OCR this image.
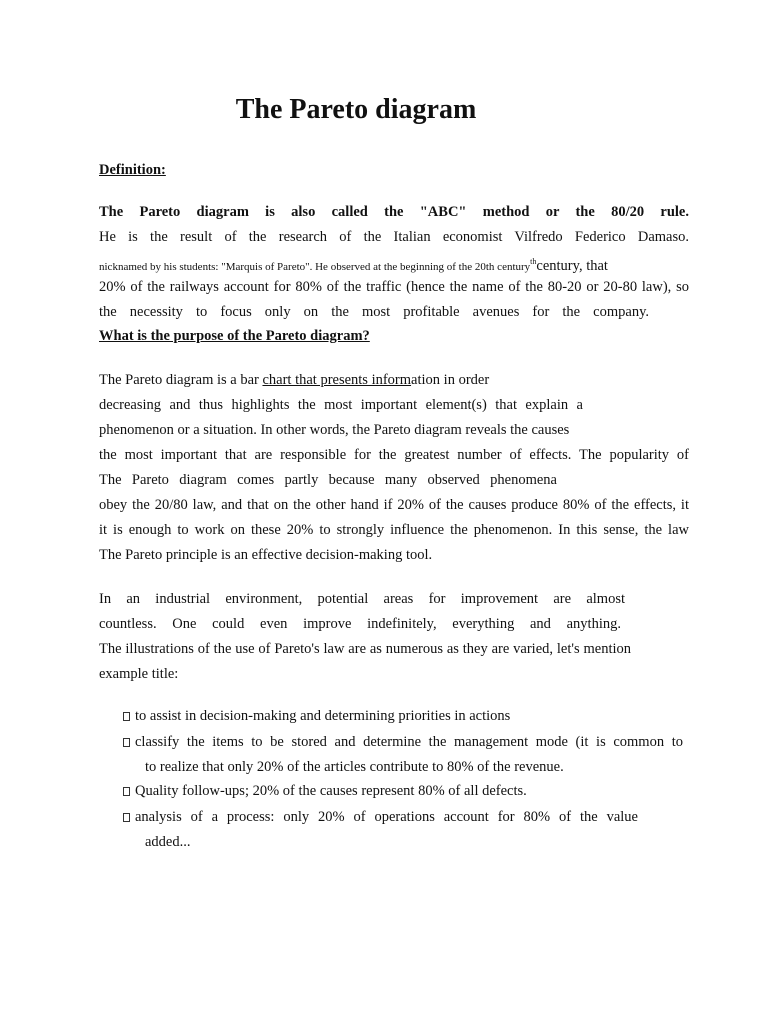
The Pareto diagram
Definition:
The Pareto diagram is also called the "ABC" method or the 80/20 rule.
He is the result of the research of the Italian economist Vilfredo Federico Damaso.
nicknamed by his students: "Marquis of Pareto". He observed at the beginning of the 20th century$^{th}$century, that
20% of the railways account for 80% of the traffic (hence the name of the 80-20 or 20-80 law), so
the necessity to focus only on the most profitable avenues for the company.
What is the purpose of the Pareto diagram?
The Pareto diagram is a bar chart that presents information in order
decreasing and thus highlights the most important element(s) that explain a
phenomenon or a situation. In other words, the Pareto diagram reveals the causes
the most important that are responsible for the greatest number of effects. The popularity of
The Pareto diagram comes partly because many observed phenomena
obey the 20/80 law, and that on the other hand if 20% of the causes produce 80% of the effects, it
it is enough to work on these 20% to strongly influence the phenomenon. In this sense, the law
The Pareto principle is an effective decision-making tool.
In an industrial environment, potential areas for improvement are almost
countless. One could even improve indefinitely, everything and anything.
The illustrations of the use of Pareto's law are as numerous as they are varied, let's mention
example title:
to assist in decision-making and determining priorities in actions
classify the items to be stored and determine the management mode (it is common to
to realize that only 20% of the articles contribute to 80% of the revenue.
Quality follow-ups; 20% of the causes represent 80% of all defects.
analysis of a process: only 20% of operations account for 80% of the value
added...
